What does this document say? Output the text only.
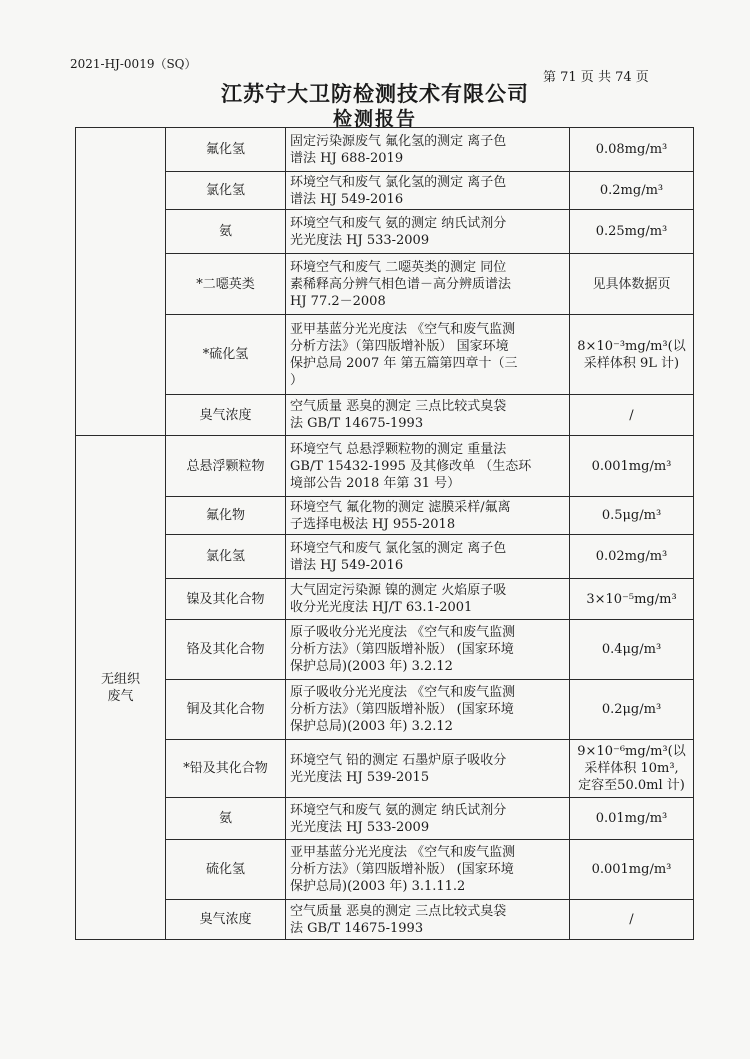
2021-HJ-0019（SQ）
第 71 页 共 74 页
江苏宁大卫防检测技术有限公司
检测报告

	氟化氢	固定污染源废气 氟化氢的测定 离子色
谱法 HJ 688-2019	0.08mg/m³

	氯化氢	环境空气和废气 氯化氢的测定 离子色
谱法 HJ 549-2016	0.2mg/m³

	氨	环境空气和废气 氨的测定 纳氏试剂分
光光度法 HJ 533-2009	0.25mg/m³

	*二噁英类	环境空气和废气 二噁英类的测定 同位
素稀释高分辨气相色谱－高分辨质谱法
HJ 77.2－2008	见具体数据页

	*硫化氢	亚甲基蓝分光光度法 《空气和废气监测
分析方法》（第四版增补版） 国家环境
保护总局 2007 年 第五篇第四章十（三
）	8×10⁻³mg/m³(以
采样体积 9L 计)

	臭气浓度	空气质量 恶臭的测定 三点比较式臭袋
法 GB/T 14675-1993	/

无组织
废气	总悬浮颗粒物	环境空气 总悬浮颗粒物的测定 重量法
GB/T 15432-1995 及其修改单 （生态环
境部公告 2018 年第 31 号）	0.001mg/m³

	氟化物	环境空气 氟化物的测定 滤膜采样/氟离
子选择电极法 HJ 955-2018	0.5μg/m³

	氯化氢	环境空气和废气 氯化氢的测定 离子色
谱法 HJ 549-2016	0.02mg/m³

	镍及其化合物	大气固定污染源 镍的测定 火焰原子吸
收分光光度法 HJ/T 63.1-2001	3×10⁻⁵mg/m³

	铬及其化合物	原子吸收分光光度法 《空气和废气监测
分析方法》（第四版增补版） (国家环境
保护总局)(2003 年) 3.2.12	0.4μg/m³

	铜及其化合物	原子吸收分光光度法 《空气和废气监测
分析方法》（第四版增补版） (国家环境
保护总局)(2003 年) 3.2.12	0.2μg/m³

	*铅及其化合物	环境空气 铅的测定 石墨炉原子吸收分
光光度法 HJ 539-2015	9×10⁻⁶mg/m³(以
采样体积 10m³,
定容至50.0ml 计)

	氨	环境空气和废气 氨的测定 纳氏试剂分
光光度法 HJ 533-2009	0.01mg/m³

	硫化氢	亚甲基蓝分光光度法 《空气和废气监测
分析方法》（第四版增补版） (国家环境
保护总局)(2003 年) 3.1.11.2	0.001mg/m³

	臭气浓度	空气质量 恶臭的测定 三点比较式臭袋
法 GB/T 14675-1993	/
